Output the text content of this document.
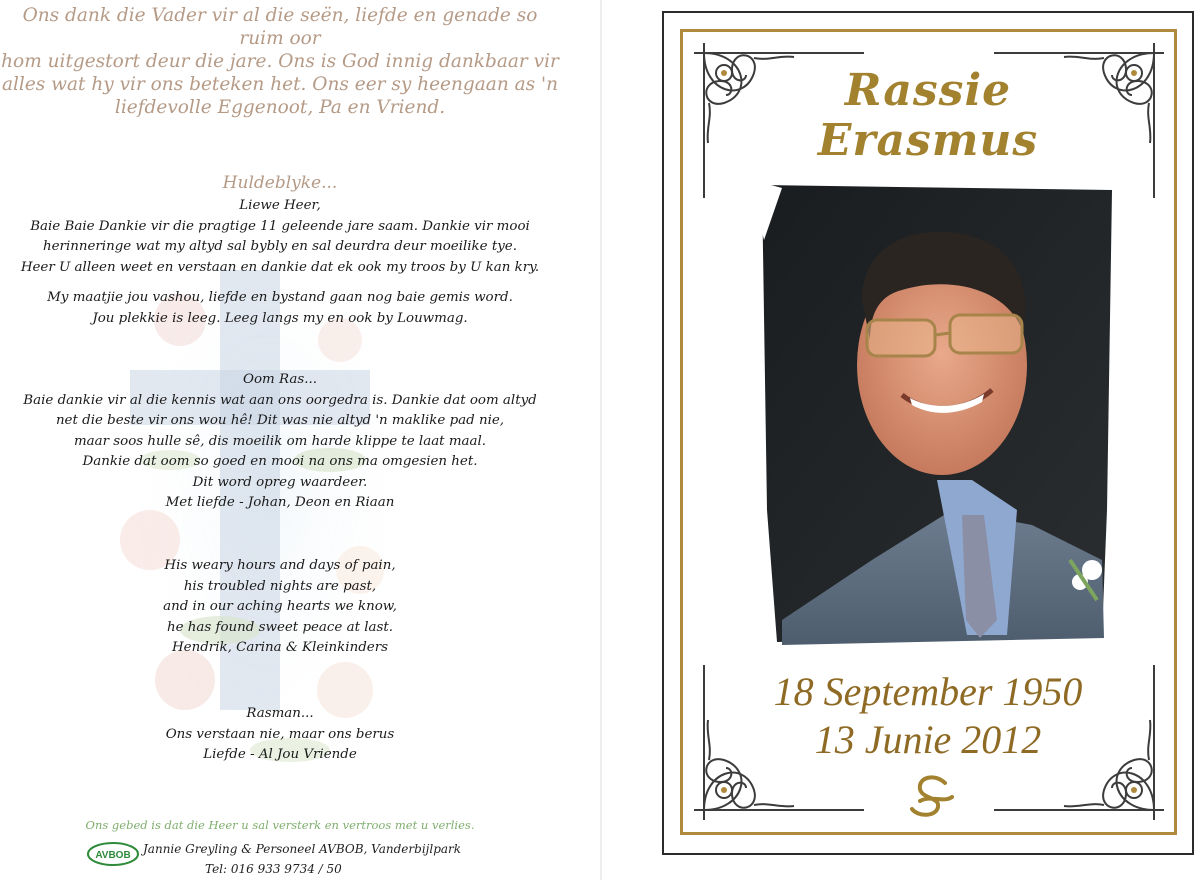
Ons dank die Vader vir al die seën, liefde en genade so ruim oor
hom uitgestort deur die jare. Ons is God innig dankbaar vir
alles wat hy vir ons beteken het. Ons eer sy heengaan as 'n
liefdevolle Eggenoot, Pa en Vriend.
Huldeblyke...
Liewe Heer,
Baie Baie Dankie vir die pragtige 11 geleende jare saam. Dankie vir mooi
herinneringe wat my altyd sal bybly en sal deurdra deur moeilike tye.
Heer U alleen weet en verstaan en dankie dat ek ook my troos by U kan kry.
My maatjie jou vashou, liefde en bystand gaan nog baie gemis word.
Jou plekkie is leeg. Leeg langs my en ook by Louwmag.
Oom Ras...
Baie dankie vir al die kennis wat aan ons oorgedra is. Dankie dat oom altyd
net die beste vir ons wou hê! Dit was nie altyd 'n maklike pad nie,
maar soos hulle sê, dis moeilik om harde klippe te laat maal.
Dankie dat oom so goed en mooi na ons ma omgesien het.
Dit word opreg waardeer.
Met liefde - Johan, Deon en Riaan
His weary hours and days of pain,
his troubled nights are past,
and in our aching hearts we know,
he has found sweet peace at last.
Hendrik, Carina & Kleinkinders
Rasman...
Ons verstaan nie, maar ons berus
Liefde - Al Jou Vriende
Ons gebed is dat die Heer u sal versterk en vertroos met u verlies.
AVBOB Jannie Greyling & Personeel AVBOB, Vanderbijlpark
Tel: 016 933 9734 / 50
Rassie
Erasmus
18 September 1950
13 Junie 2012
